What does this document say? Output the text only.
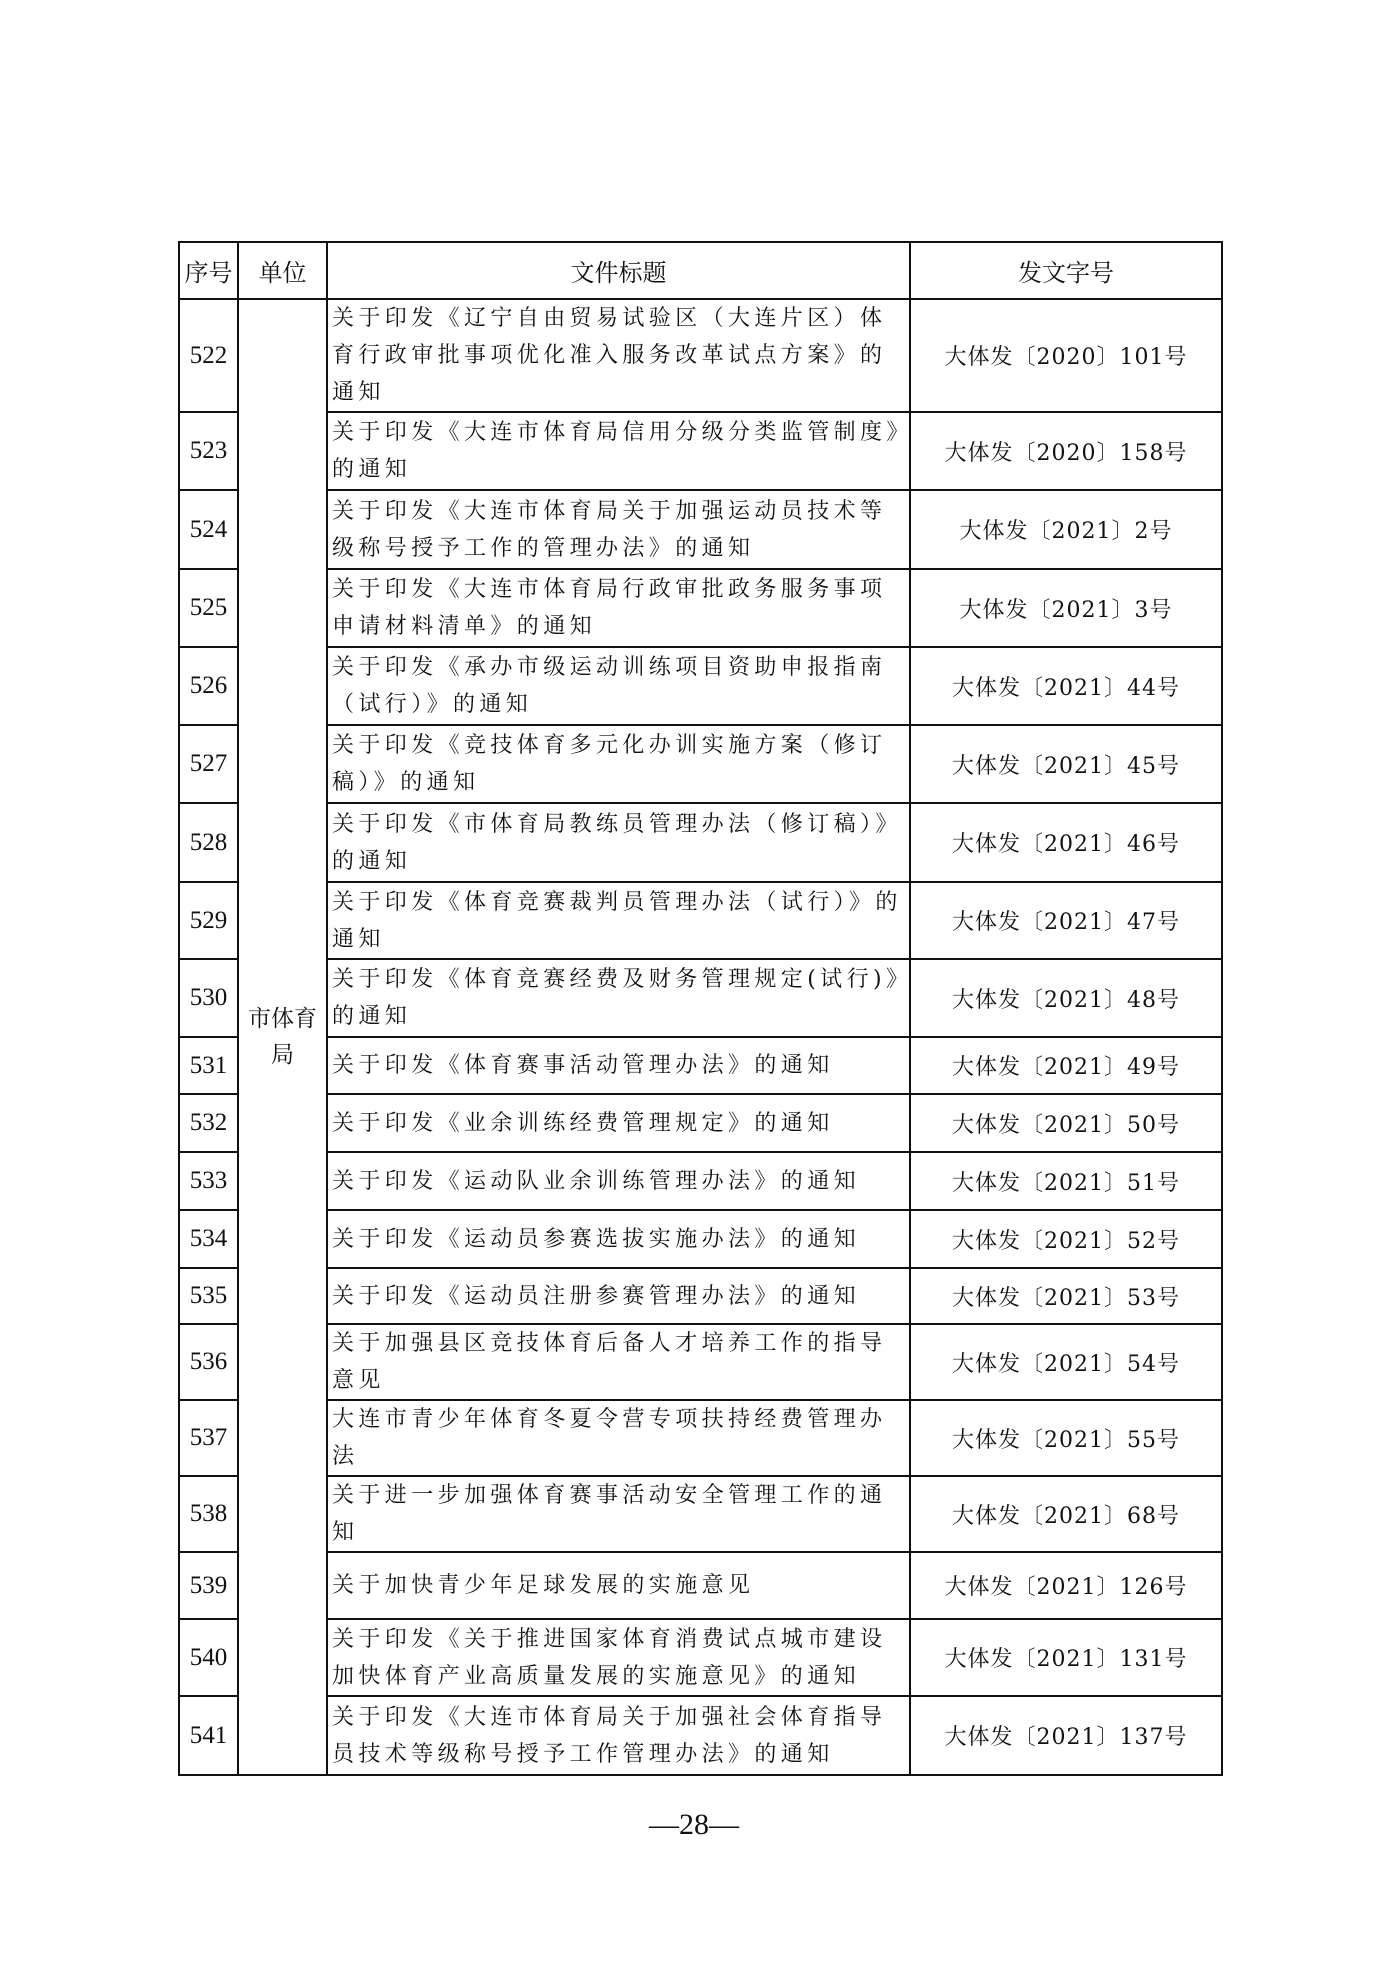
序号	单位	文件标题	发文字号
522	市体育局	关于印发《辽宁自由贸易试验区（大连片区）体育行政审批事项优化准入服务改革试点方案》的通知	大体发〔2020〕101号
523		关于印发《大连市体育局信用分级分类监管制度》的通知	大体发〔2020〕158号
524		关于印发《大连市体育局关于加强运动员技术等级称号授予工作的管理办法》的通知	大体发〔2021〕2号
525		关于印发《大连市体育局行政审批政务服务事项申请材料清单》的通知	大体发〔2021〕3号
526		关于印发《承办市级运动训练项目资助申报指南（试行）》的通知	大体发〔2021〕44号
527		关于印发《竞技体育多元化办训实施方案（修订稿）》的通知	大体发〔2021〕45号
528		关于印发《市体育局教练员管理办法（修订稿）》的通知	大体发〔2021〕46号
529		关于印发《体育竞赛裁判员管理办法（试行）》的通知	大体发〔2021〕47号
530		关于印发《体育竞赛经费及财务管理规定(试行)》的通知	大体发〔2021〕48号
531		关于印发《体育赛事活动管理办法》的通知	大体发〔2021〕49号
532		关于印发《业余训练经费管理规定》的通知	大体发〔2021〕50号
533		关于印发《运动队业余训练管理办法》的通知	大体发〔2021〕51号
534		关于印发《运动员参赛选拔实施办法》的通知	大体发〔2021〕52号
535		关于印发《运动员注册参赛管理办法》的通知	大体发〔2021〕53号
536		关于加强县区竞技体育后备人才培养工作的指导意见	大体发〔2021〕54号
537		大连市青少年体育冬夏令营专项扶持经费管理办法	大体发〔2021〕55号
538		关于进一步加强体育赛事活动安全管理工作的通知	大体发〔2021〕68号
539		关于加快青少年足球发展的实施意见	大体发〔2021〕126号
540		关于印发《关于推进国家体育消费试点城市建设加快体育产业高质量发展的实施意见》的通知	大体发〔2021〕131号
541		关于印发《大连市体育局关于加强社会体育指导员技术等级称号授予工作管理办法》的通知	大体发〔2021〕137号
—28—
